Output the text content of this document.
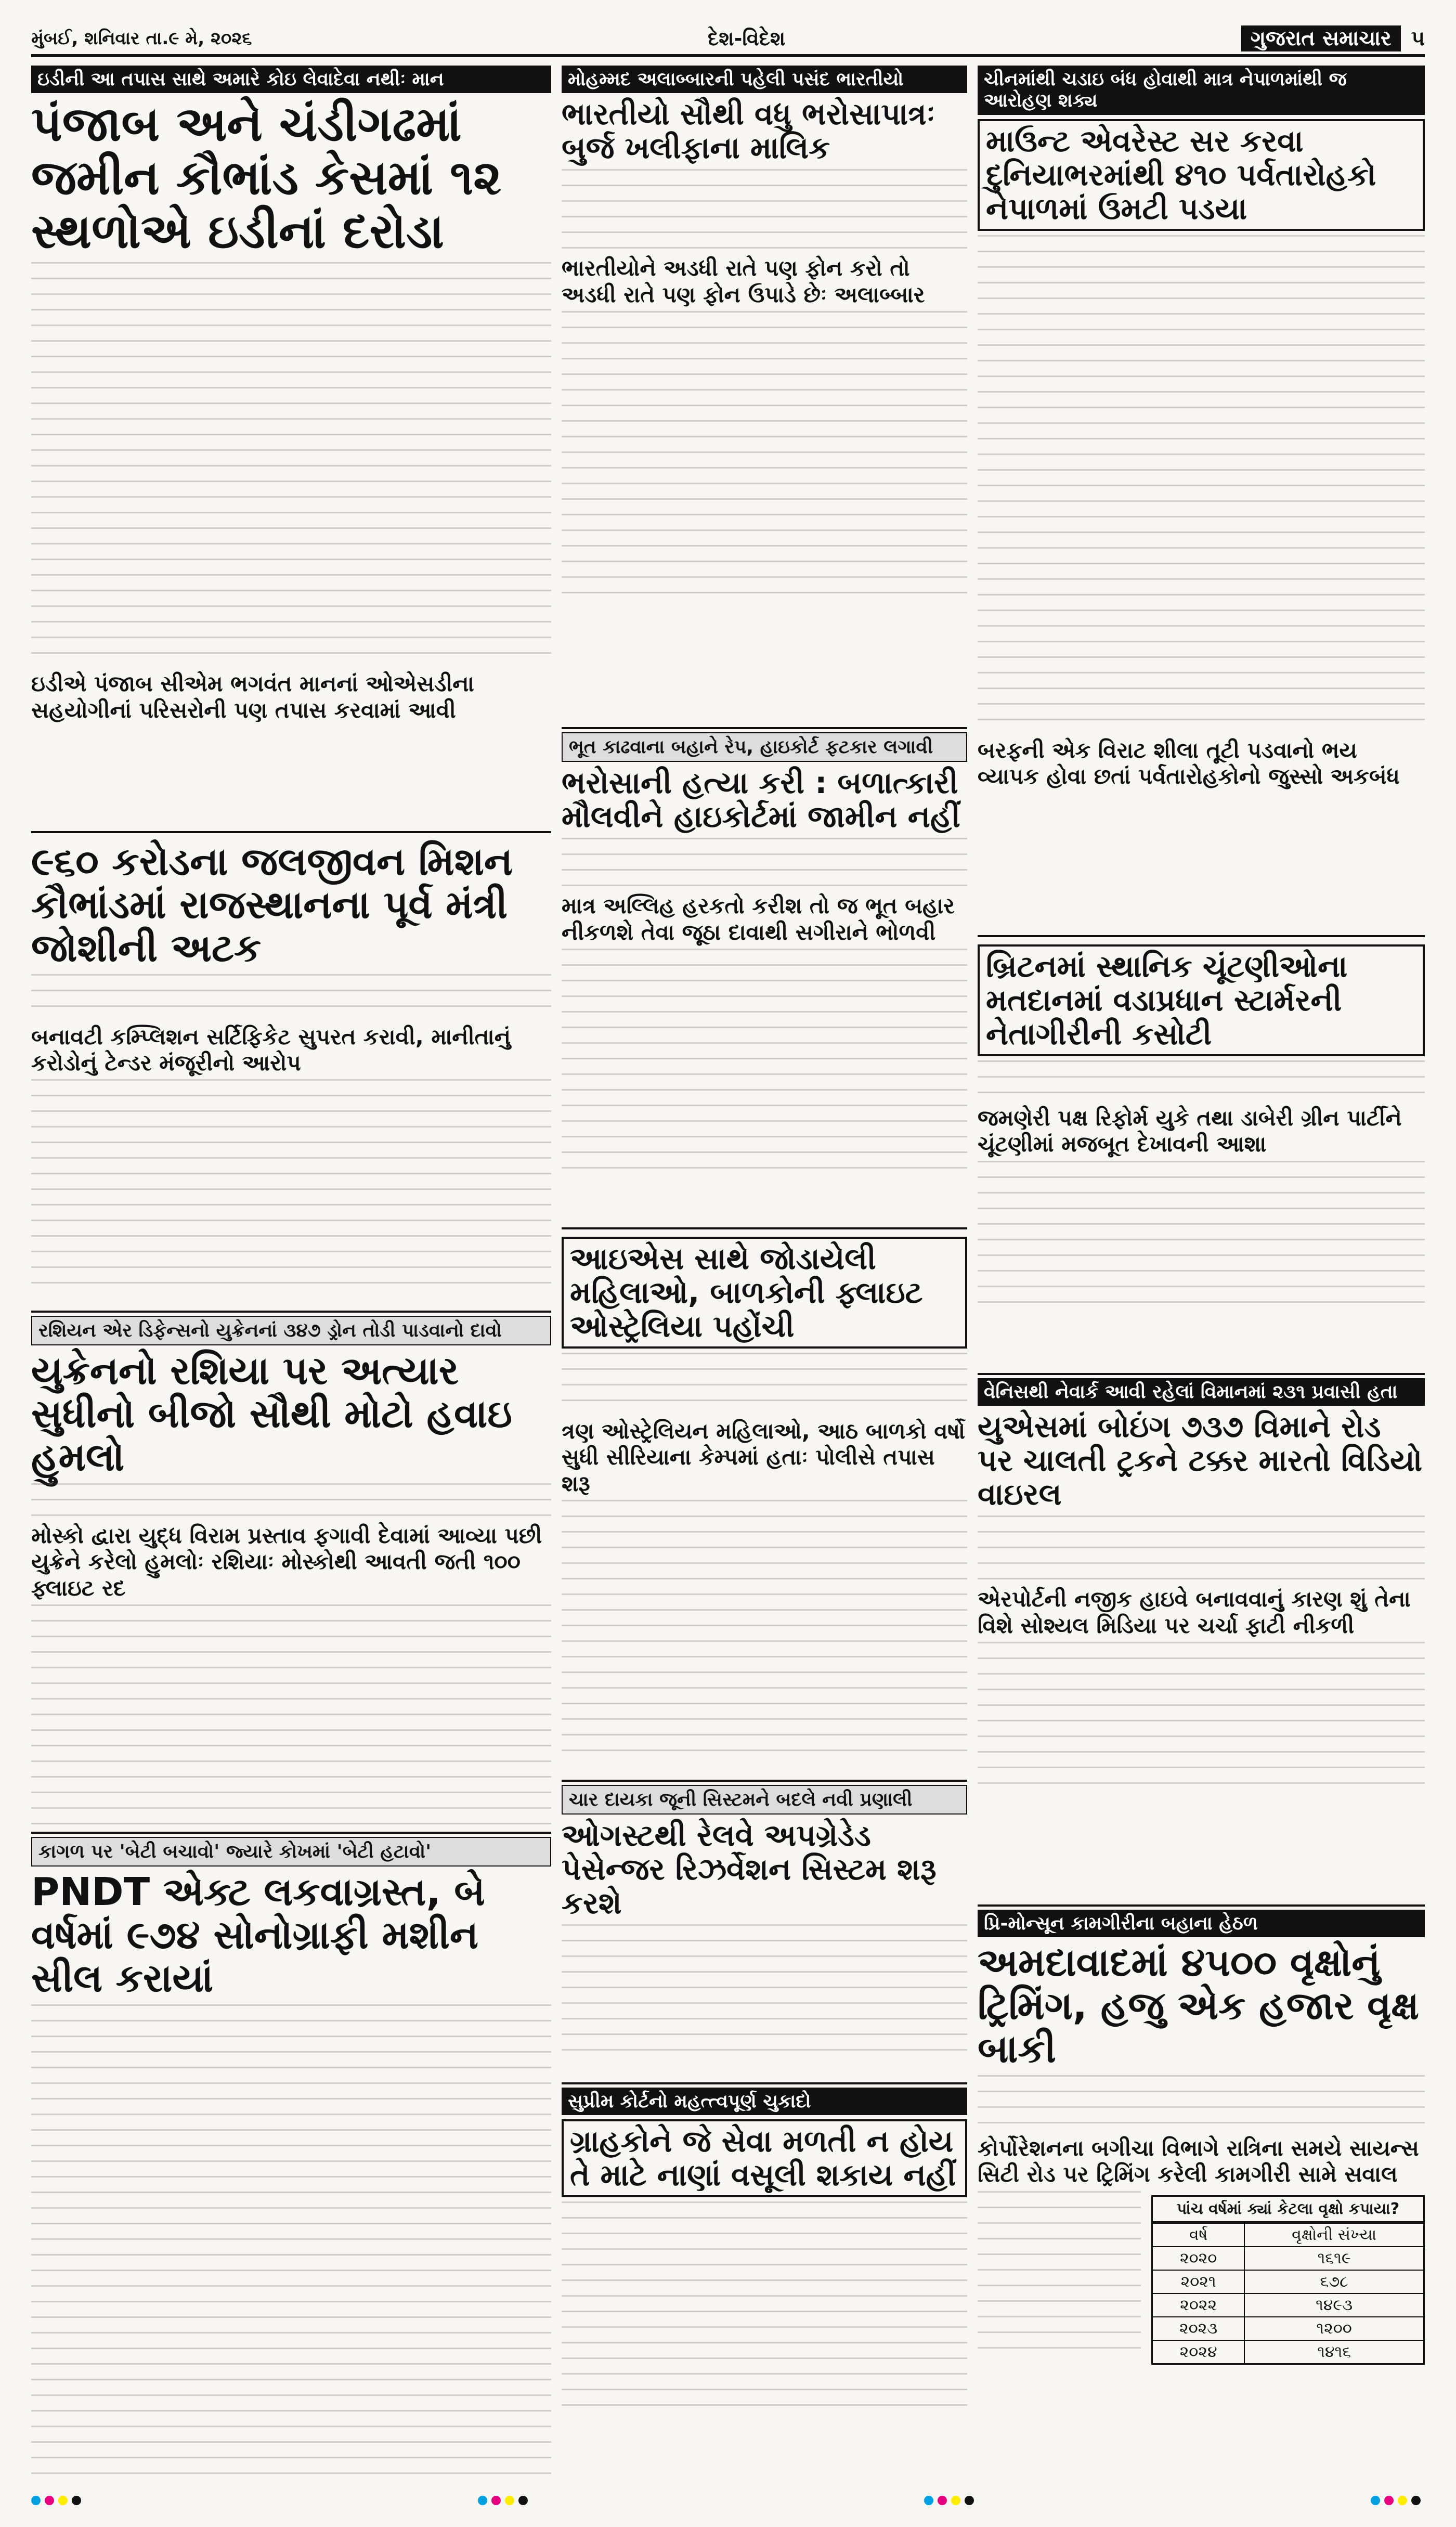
મુંબઈ, શનિવાર તા.૯ મે, ૨૦૨૬	દેશ-વિદેશ	ગુજરાત સમાચાર ૫
ઇડીની આ તપાસ સાથે અમારે કોઇ લેવાદેવા નથીઃ માન
પંજાબ અને ચંડીગઢમાં જમીન કૌભાંડ કેસમાં ૧૨ સ્થળોએ ઇડીનાં દરોડા
ઇડીએ પંજાબ સીએમ ભગવંત માનનાં ઓએસડીના સહયોગીનાં પરિસરોની પણ તપાસ કરવામાં આવી
૯૬૦ કરોડના જલજીવન મિશન કૌભાંડમાં રાજસ્થાનના પૂર્વ મંત્રી જોશીની અટક
બનાવટી કમ્પ્લિશન સર્ટિફિકેટ સુપરત કરાવી, માનીતાનું કરોડોનું ટેન્ડર મંજૂરીનો આરોપ
રશિયન એર ડિફેન્સનો યુક્રેનનાં ૩૪૭ ડ્રોન તોડી પાડવાનો દાવો
યુક્રેનનો રશિયા પર અત્યાર સુધીનો બીજો સૌથી મોટો હવાઇ હુમલો
મોસ્કો દ્વારા યુદ્ધ વિરામ પ્રસ્તાવ ફગાવી દેવામાં આવ્યા પછી યુક્રેને કરેલો હુમલોઃ રશિયાઃ મોસ્કોથી આવતી જતી ૧૦૦ ફ્લાઇટ રદ
કાગળ પર 'બેટી બચાવો' જ્યારે કોખમાં 'બેટી હટાવો'
PNDT એક્ટ લકવાગ્રસ્ત, બે વર્ષમાં ૯૭૪ સોનોગ્રાફી મશીન સીલ કરાયાં
મોહમ્મદ અલાબ્બારની પહેલી પસંદ ભારતીયો
ભારતીયો સૌથી વધુ ભરોસાપાત્રઃ બુર્જ ખલીફાના માલિક
ભારતીયોને અડધી રાતે પણ ફોન કરો તો અડધી રાતે પણ ફોન ઉપાડે છેઃ અલાબ્બાર
ભૂત કાઢવાના બહાને રેપ, હાઇકોર્ટ ફટકાર લગાવી
ભરોસાની હત્યા કરી : બળાત્કારી મૌલવીને હાઇકોર્ટમાં જામીન નહીં
માત્ર અલ્લિહ હરકતો કરીશ તો જ ભૂત બહાર નીકળશે તેવા જૂઠા દાવાથી સગીરાને ભોળવી
આઇએસ સાથે જોડાયેલી મહિલાઓ, બાળકોની ફ્લાઇટ ઓસ્ટ્રેલિયા પહોંચી
ત્રણ ઓસ્ટ્રેલિયન મહિલાઓ, આઠ બાળકો વર્ષો સુધી સીરિયાના કેમ્પમાં હતાઃ પોલીસે તપાસ શરૂ
ચાર દાયકા જૂની સિસ્ટમને બદલે નવી પ્રણાલી
ઓગસ્ટથી રેલવે અપગ્રેડેડ પેસેન્જર રિઝર્વેશન સિસ્ટમ શરૂ કરશે
સુપ્રીમ કોર્ટનો મહત્ત્વપૂર્ણ ચુકાદો
ગ્રાહકોને જે સેવા મળતી ન હોય તે માટે નાણાં વસૂલી શકાય નહીં
ચીનમાંથી ચડાઇ બંધ હોવાથી માત્ર નેપાળમાંથી જ આરોહણ શક્ય
માઉન્ટ એવરેસ્ટ સર કરવા દુનિયાભરમાંથી ૪૧૦ પર્વતારોહકો નેપાળમાં ઉમટી પડયા
બરફની એક વિરાટ શીલા તૂટી પડવાનો ભય વ્યાપક હોવા છતાં પર્વતારોહકોનો જુસ્સો અકબંધ
બ્રિટનમાં સ્થાનિક ચૂંટણીઓના મતદાનમાં વડાપ્રધાન સ્ટાર્મરની નેતાગીરીની કસોટી
જમણેરી પક્ષ રિફોર્મ યુકે તથા ડાબેરી ગ્રીન પાર્ટીને ચૂંટણીમાં મજબૂત દેખાવની આશા
વેનિસથી નેવાર્ક આવી રહેલાં વિમાનમાં ૨૩૧ પ્રવાસી હતા
યુએસમાં બોઇંગ ૭૩૭ વિમાને રોડ પર ચાલતી ટ્રકને ટક્કર મારતો વિડિયો વાઇરલ
એરપોર્ટની નજીક હાઇવે બનાવવાનું કારણ શું તેના વિશે સોશ્યલ મિડિયા પર ચર્ચા ફાટી નીકળી
પ્રિ-મોન્સૂન કામગીરીના બહાના હેઠળ
અમદાવાદમાં ૪૫૦૦ વૃક્ષોનું ટ્રિમિંગ, હજુ એક હજાર વૃક્ષ બાકી
કોર્પોરેશનના બગીચા વિભાગે રાત્રિના સમયે સાયન્સ સિટી રોડ પર ટ્રિમિંગ કરેલી કામગીરી સામે સવાલ
પાંચ વર્ષમાં ક્યાં કેટલા વૃક્ષો કપાયા?
વર્ષ	વૃક્ષોની સંખ્યા
૨૦૨૦	૧૬૧૯
૨૦૨૧	૬૭૮
૨૦૨૨	૧૪૯૩
૨૦૨૩	૧૨૦૦
૨૦૨૪	૧૪૧૬
